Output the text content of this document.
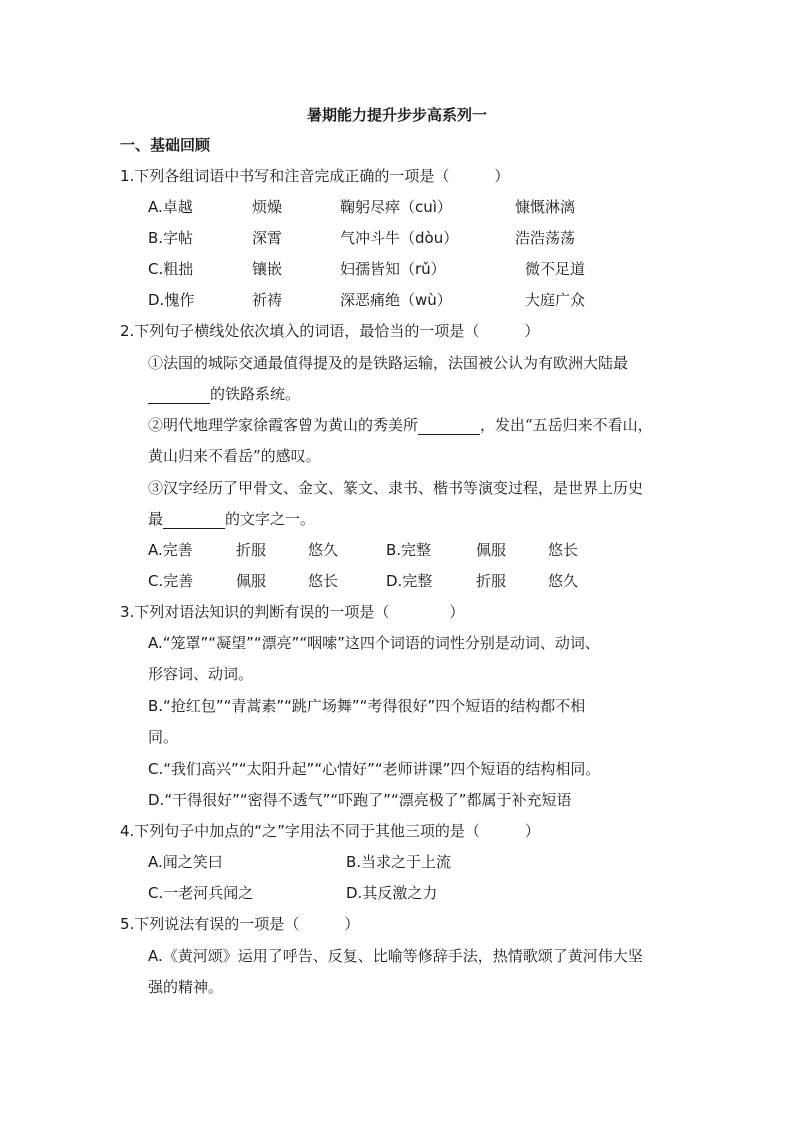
暑期能力提升步步高系列一
一、基础回顾
1.下列各组词语中书写和注音完成正确的一项是（　　　）
A.卓越	烦燥	鞠躬尽瘁（cuì）	慷慨淋漓
B.字帖	深霄	气冲斗牛（dòu）	浩浩荡荡
C.粗拙	镶嵌	妇孺皆知（rǔ）	微不足道
D.愧作	祈祷	深恶痛绝（wù）	大庭广众
2.下列句子横线处依次填入的词语，最恰当的一项是（　　　）
①法国的城际交通最值得提及的是铁路运输，法国被公认为有欧洲大陆最
的铁路系统。
②明代地理学家徐霞客曾为黄山的秀美所	，发出“五岳归来不看山，
黄山归来不看岳”的感叹。
③汉字经历了甲骨文、金文、篆文、隶书、楷书等演变过程，是世界上历史
最	的文字之一。
A.完善	折服	悠久	B.完整	佩服	悠长
C.完善	佩服	悠长	D.完整	折服	悠久
3.下列对语法知识的判断有误的一项是（　　　　）
A.“笼罩”“凝望”“漂亮”“咽嗦”这四个词语的词性分别是动词、动词、
形容词、动词。
B.“抢红包”“青蒿素”“跳广场舞”“考得很好”四个短语的结构都不相
同。
C.“我们高兴”“太阳升起”“心情好”“老师讲课”四个短语的结构相同。
D.“干得很好”“密得不透气”“吓跑了”“漂亮极了”都属于补充短语
4.下列句子中加点的“之”字用法不同于其他三项的是（　　　）
A.闻之笑曰	B.当求之于上流
C.一老河兵闻之	D.其反激之力
5.下列说法有误的一项是（　　　）
A.《黄河颂》运用了呼告、反复、比喻等修辞手法，热情歌颂了黄河伟大坚
强的精神。
